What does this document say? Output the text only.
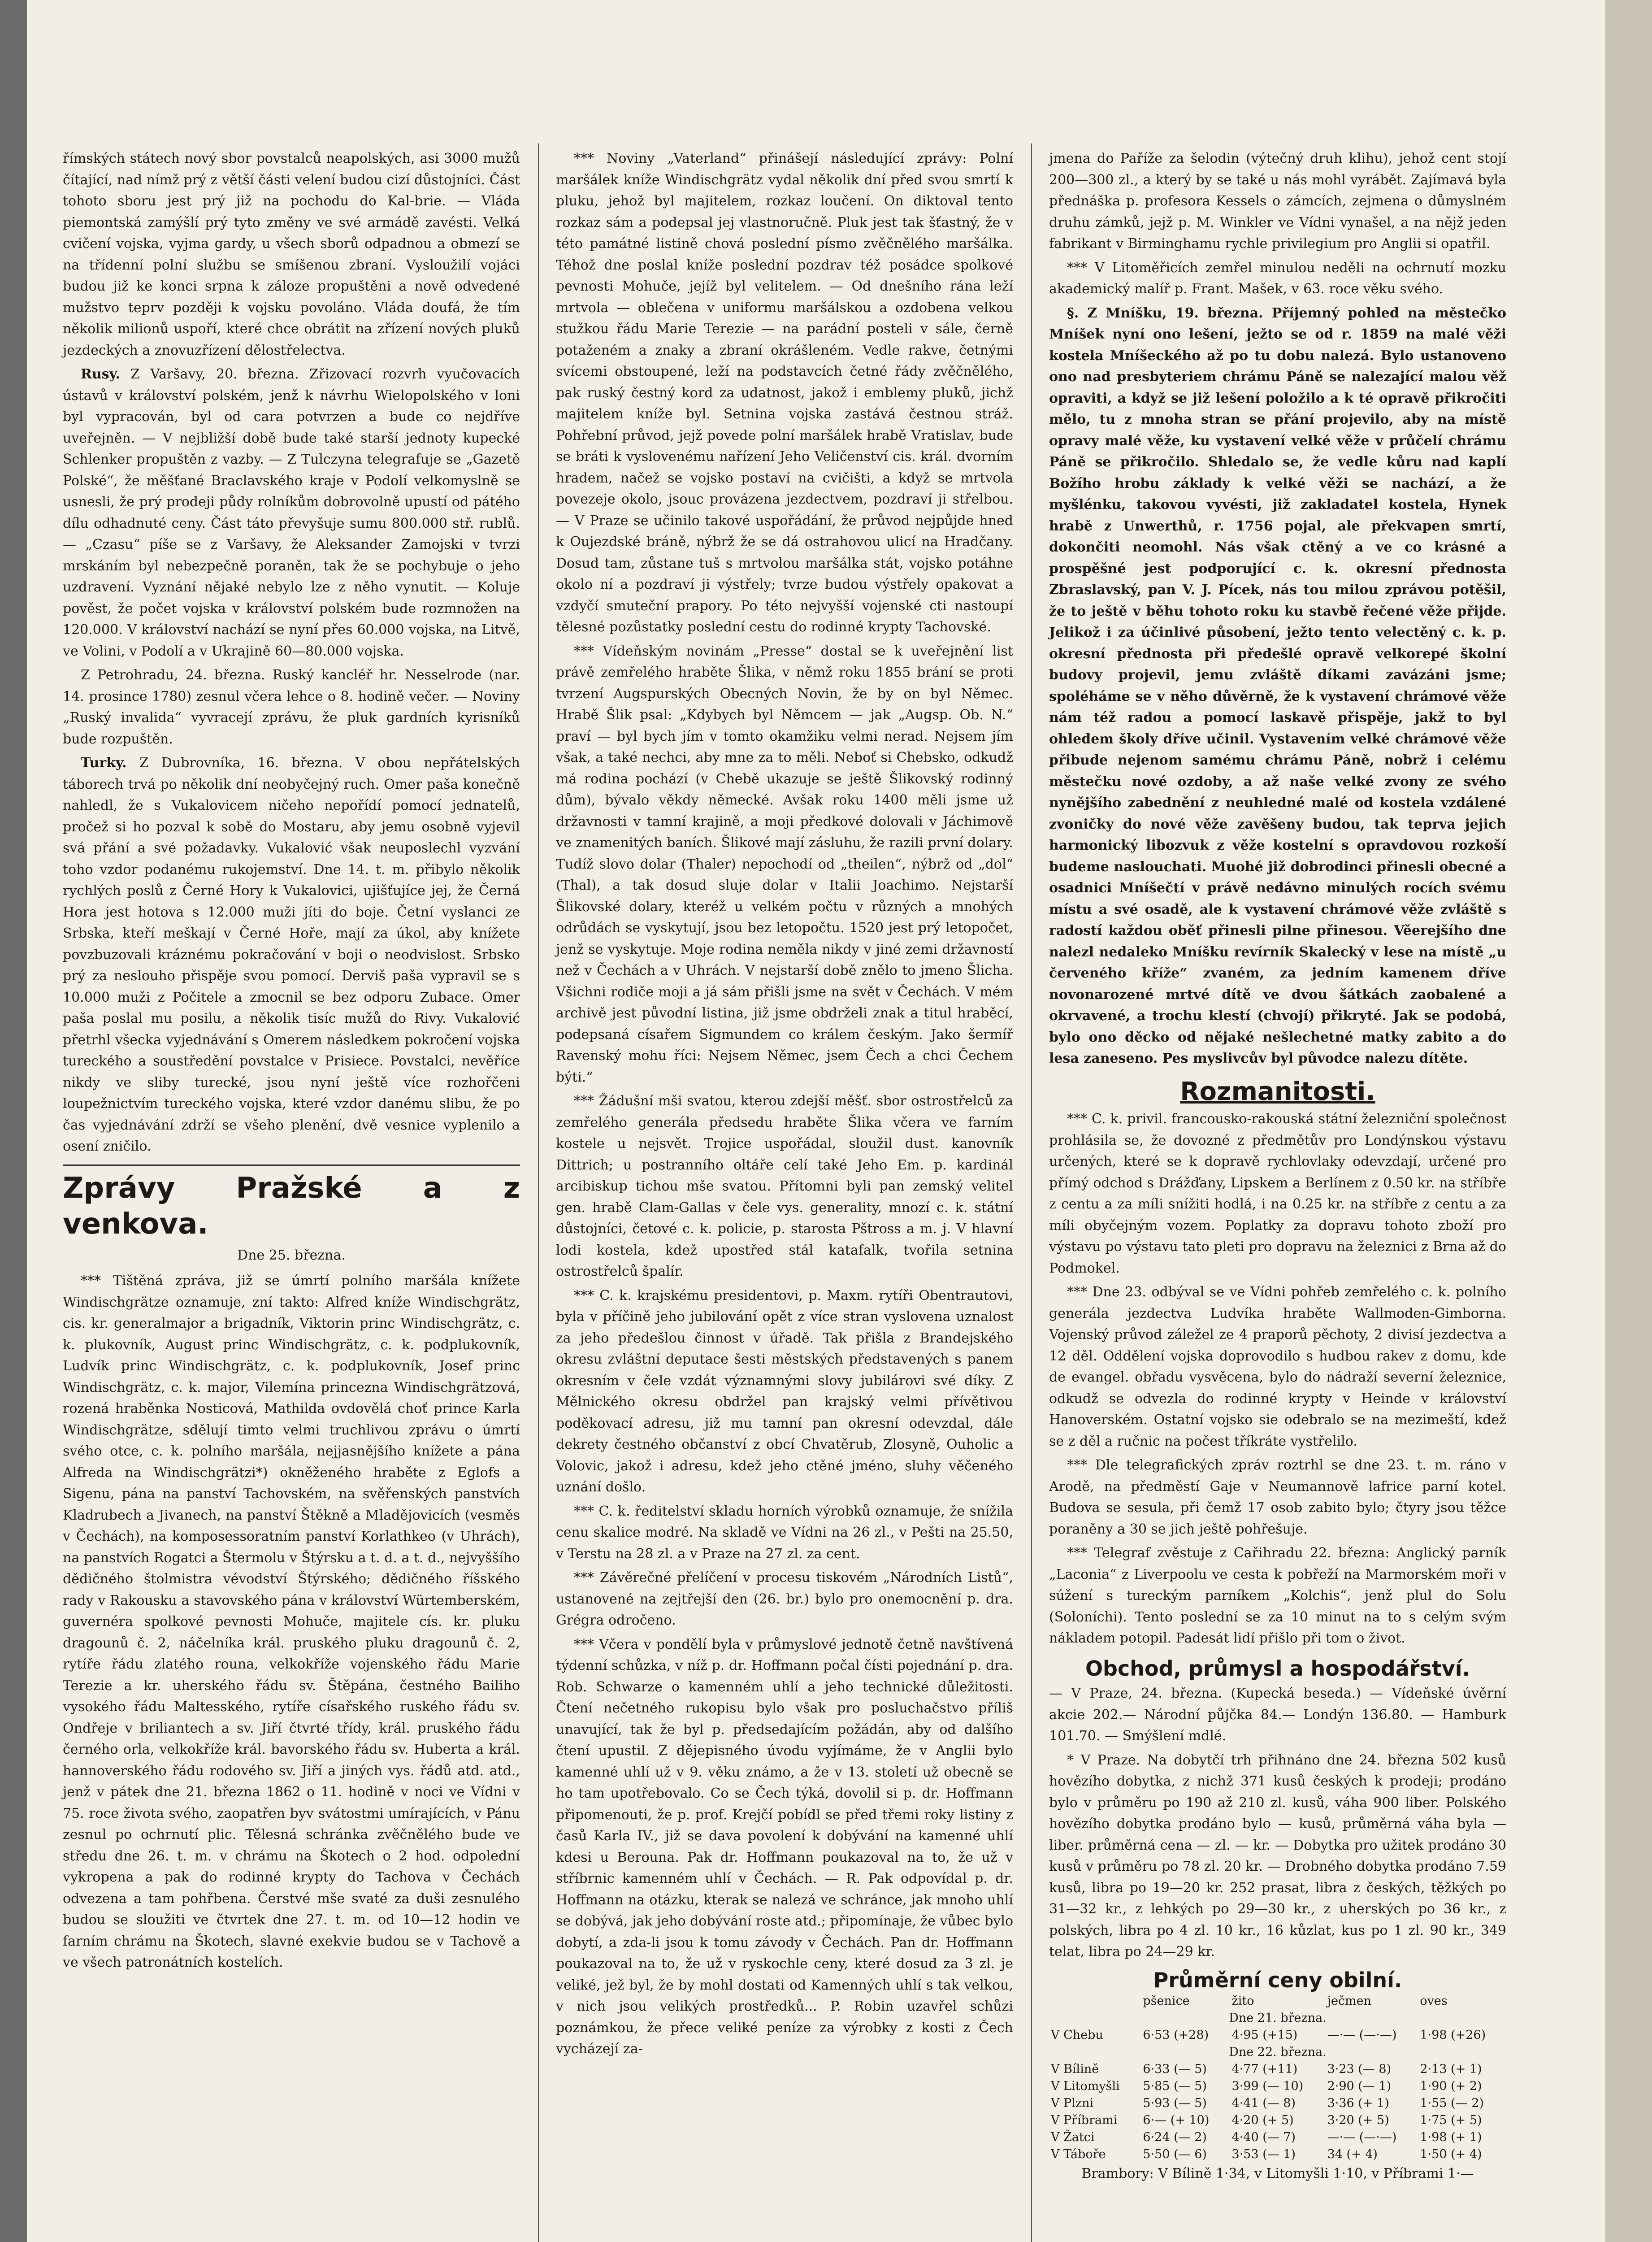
římských státech nový sbor povstalců neapolských, asi 3000 mužů čítající, nad nímž prý z větší části velení budou cizí důstojníci. Část tohoto sboru jest prý již na pochodu do Kal-brie. — Vláda piemontská zamýšlí prý tyto změny ve své armádě zavésti. Velká cvičení vojska, vyjma gardy, u všech sborů odpadnou a obmezí se na třídenní polní službu se smíšenou zbraní. Vysloužilí vojáci budou již ke konci srpna k záloze propuštěni a nově odvedené mužstvo teprv později k vojsku povoláno. Vláda doufá, že tím několik milionů uspoří, které chce obrátit na zřízení nových pluků jezdeckých a znovuzřízení dělostřelectva.

Rusy. Z Varšavy, 20. března. Zřizovací rozvrh vyučovacích ústavů v království polském, jenž k návrhu Wielopolského v loni byl vypracován, byl od cara potvrzen a bude co nejdříve uveřejněn. — V nejbližší době bude také starší jednoty kupecké Schlenker propuštěn z vazby. — Z Tulczyna telegrafuje se „Gazetě Polské“, že měšťané Braclavského kraje v Podolí velkomyslně se usnesli, že prý prodeji půdy rolníkům dobrovolně upustí od pátého dílu odhadnuté ceny. Část táto převyšuje sumu 800.000 stř. rublů. — „Czasu“ píše se z Varšavy, že Aleksander Zamojski v tvrzi mrskáním byl nebezpečně poraněn, tak že se pochybuje o jeho uzdravení. Vyznání nějaké nebylo lze z něho vynutit. — Koluje pověst, že počet vojska v království polském bude rozmnožen na 120.000. V království nachází se nyní přes 60.000 vojska, na Litvě, ve Volini, v Podolí a v Ukrajině 60—80.000 vojska.

Z Petrohradu, 24. března. Ruský kancléř hr. Nesselrode (nar. 14. prosince 1780) zesnul včera lehce o 8. hodině večer. — Noviny „Ruský invalida“ vyvracejí zprávu, že pluk gardních kyrisníků bude rozpuštěn.

Turky. Z Dubrovníka, 16. března. V obou nepřátelských táborech trvá po několik dní neobyčejný ruch. Omer paša konečně nahledl, že s Vukalovicem ničeho nepořídí pomocí jednatelů, pročež si ho pozval k sobě do Mostaru, aby jemu osobně vyjevil svá přání a své požadavky. Vukalović však neuposlechl vyzvání toho vzdor podanému rukojemství. Dne 14. t. m. přibylo několik rychlých poslů z Černé Hory k Vukalovici, ujišťujíce jej, že Černá Hora jest hotova s 12.000 muži jíti do boje. Četní vyslanci ze Srbska, kteří meškají v Černé Hoře, mají za úkol, aby knížete povzbuzovali kráznému pokračování v boji o neodvislost. Srbsko prý za neslouho přispěje svou pomocí. Derviš paša vypravil se s 10.000 muži z Počitele a zmocnil se bez odporu Zubace. Omer paša poslal mu posilu, a několik tisíc mužů do Rivy. Vukalović přetrhl všecka vyjednávání s Omerem následkem pokročení vojska tureckého a soustředění povstalce v Prisiece. Povstalci, nevěříce nikdy ve sliby turecké, jsou nyní ještě více rozhořčeni loupežnictvím tureckého vojska, které vzdor danému slibu, že po čas vyjednávání zdrží se všeho plenění, dvě vesnice vyplenilo a osení zničilo.

Zprávy Pražské a z venkova.

Dne 25. března.

*** Tištěná zpráva, již se úmrtí polního maršála knížete Windischgrätze oznamuje, zní takto: Alfred kníže Windischgrätz, cis. kr. generalmajor a brigadník, Viktorin princ Windischgrätz, c. k. plukovník, August princ Windischgrätz, c. k. podplukovník, Ludvík princ Windischgrätz, c. k. podplukovník, Josef princ Windischgrätz, c. k. major, Vilemína princezna Windischgrätzová, rozená hraběnka Nosticová, Mathilda ovdovělá choť prince Karla Windischgrätze, sdělují timto velmi truchlivou zprávu o úmrtí svého otce, c. k. polního maršála, nejjasnějšího knížete a pána Alfreda na Windischgrätzi*) okněženého hraběte z Eglofs a Sigenu, pána na panství Tachovském, na svěřenských panstvích Kladrubech a Jivanech, na panství Štěkně a Mladějovicích (vesměs v Čechách), na komposessoratním panství Korlathkeo (v Uhrách), na panstvích Rogatci a Štermolu v Štýrsku a t. d. a t. d., nejvyššího dědičného štolmistra vévodství Štýrského; dědičného říšského rady v Rakousku a stavovského pána v království Würtemberském, guvernéra spolkové pevnosti Mohuče, majitele cís. kr. pluku dragounů č. 2, náčelníka král. pruského pluku dragounů č. 2, rytíře řádu zlatého rouna, velkokříže vojenského řádu Marie Terezie a kr. uherského řádu sv. Štěpána, čestného Bailiho vysokého řádu Maltesského, rytíře císařského ruského řádu sv. Ondřeje v briliantech a sv. Jiří čtvrté třídy, král. pruského řádu černého orla, velkokříže král. bavorského řádu sv. Huberta a král. hannoverského řádu rodového sv. Jiří a jiných vys. řádů atd. atd., jenž v pátek dne 21. března 1862 o 11. hodině v noci ve Vídni v 75. roce života svého, zaopatřen byv svátostmi umírajících, v Pánu zesnul po ochrnutí plic. Tělesná schránka zvěčnělého bude ve středu dne 26. t. m. v chrámu na Škotech o 2 hod. odpolední vykropena a pak do rodinné krypty do Tachova v Čechách odvezena a tam pohřbena. Čerstvé mše svaté za duši zesnulého budou se sloužiti ve čtvrtek dne 27. t. m. od 10—12 hodin ve farním chrámu na Škotech, slavné exekvie budou se v Tachově a ve všech patronátních kostelích.

*** Noviny „Vaterland“ přinášejí následující zprávy: Polní maršálek kníže Windischgrätz vydal několik dní před svou smrtí k pluku, jehož byl majitelem, rozkaz loučení. On diktoval tento rozkaz sám a podepsal jej vlastnoručně. Pluk jest tak šťastný, že v této památné listině chová poslední písmo zvěčnělého maršálka. Téhož dne poslal kníže poslední pozdrav též posádce spolkové pevnosti Mohuče, jejíž byl velitelem. — Od dnešního rána leží mrtvola — oblečena v uniformu maršálskou a ozdobena velkou stužkou řádu Marie Terezie — na parádní posteli v sále, černě potaženém a znaky a zbraní okrášleném. Vedle rakve, četnými svícemi obstoupené, leží na podstavcích četné řády zvěčnělého, pak ruský čestný kord za udatnost, jakož i emblemy pluků, jichž majitelem kníže byl. Setnina vojska zastává čestnou stráž. Pohřební průvod, jejž povede polní maršálek hrabě Vratislav, bude se bráti k vyslovenému nařízení Jeho Veličenství cis. král. dvorním hradem, načež se vojsko postaví na cvičišti, a když se mrtvola povezeje okolo, jsouc provázena jezdectvem, pozdraví ji střelbou. — V Praze se učinilo takové uspořádání, že průvod nejpůjde hned k Oujezdské bráně, nýbrž že se dá ostrahovou ulicí na Hradčany. Dosud tam, zůstane tuš s mrtvolou maršálka stát, vojsko potáhne okolo ní a pozdraví ji výstřely; tvrze budou výstřely opakovat a vzdyčí smuteční prapory. Po této nejvyšší vojenské cti nastoupí tělesné pozůstatky poslední cestu do rodinné krypty Tachovské.

*** Vídeňským novinám „Presse“ dostal se k uveřejnění list právě zemřelého hraběte Šlika, v němž roku 1855 brání se proti tvrzení Augspurských Obecných Novin, že by on byl Němec. Hrabě Šlik psal: „Kdybych byl Němcem — jak „Augsp. Ob. N.“ praví — byl bych jím v tomto okamžiku velmi nerad. Nejsem jím však, a také nechci, aby mne za to měli. Neboť si Chebsko, odkudž má rodina pochází (v Chebě ukazuje se ještě Šlikovský rodinný dům), bývalo věkdy německé. Avšak roku 1400 měli jsme už državnosti v tamní krajině, a moji předkové dolovali v Jáchimově ve znamenitých baních. Šlikové mají zásluhu, že razili první dolary. Tudíž slovo dolar (Thaler) nepochodí od „theilen“, nýbrž od „dol“ (Thal), a tak dosud sluje dolar v Italii Joachimo. Nejstarší Šlikovské dolary, kteréž u velkém počtu v různých a mnohých odrůdách se vyskytují, jsou bez letopočtu. 1520 jest prý letopočet, jenž se vyskytuje. Moje rodina neměla nikdy v jiné zemi državností než v Čechách a v Uhrách. V nejstarší době znělo to jmeno Šlicha. Všichni rodiče moji a já sám přišli jsme na svět v Čechách. V mém archivě jest původní listina, již jsme obdrželi znak a titul hraběcí, podepsaná císařem Sigmundem co králem českým. Jako šermíř Ravenský mohu říci: Nejsem Němec, jsem Čech a chci Čechem býti.“

*** Žádušní mši svatou, kterou zdejší měšť. sbor ostrostřelců za zemřelého generála předsedu hraběte Šlika včera ve farním kostele u nejsvět. Trojice uspořádal, sloužil dust. kanovník Dittrich; u postranního oltáře celí také Jeho Em. p. kardinál arcibiskup tichou mše svatou. Přítomni byli pan zemský velitel gen. hrabě Clam-Gallas v čele vys. generality, mnozí c. k. státní důstojníci, četové c. k. policie, p. starosta Pštross a m. j. V hlavní lodi kostela, kdež upostřed stál katafalk, tvořila setnina ostrostřelců špalír.

*** C. k. krajskému presidentovi, p. Maxm. rytíři Obentrautovi, byla v příčině jeho jubilování opět z více stran vyslovena uznalost za jeho předešlou činnost v úřadě. Tak přišla z Brandejského okresu zvláštní deputace šesti městských představených s panem okresním v čele vzdát významnými slovy jubilárovi své díky. Z Mělnického okresu obdržel pan krajský velmi přívětivou poděkovací adresu, již mu tamní pan okresní odevzdal, dále dekrety čestného občanství z obcí Chvatěrub, Zlosyně, Ouholic a Volovic, jakož i adresu, kdež jeho ctěné jméno, sluhy věčeného uznání došlo.

*** C. k. ředitelství skladu horních výrobků oznamuje, že snížila cenu skalice modré. Na skladě ve Vídni na 26 zl., v Pešti na 25.50, v Terstu na 28 zl. a v Praze na 27 zl. za cent.

*** Závěrečné přelíčení v procesu tiskovém „Národních Listů“, ustanovené na zejtřejší den (26. br.) bylo pro onemocnění p. dra. Grégra odročeno.

*** Včera v pondělí byla v průmyslové jednotě četně navštívená týdenní schůzka, v níž p. dr. Hoffmann počal čísti pojednání p. dra. Rob. Schwarze o kamenném uhlí a jeho technické důležitosti. Čtení nečetného rukopisu bylo však pro posluchačstvo příliš unavující, tak že byl p. předsedajícím požádán, aby od dalšího čtení upustil. Z dějepisného úvodu vyjímáme, že v Anglii bylo kamenné uhlí už v 9. věku známo, a že v 13. století už obecně se ho tam upotřebovalo. Co se Čech týká, dovolil si p. dr. Hoffmann připomenouti, že p. prof. Krejčí pobídl se před třemi roky listiny z časů Karla IV., již se dava povolení k dobývání na kamenné uhlí kdesi u Berounа. Pak dr. Hoffmann poukazoval na to, že už v stříbrnic kamenném uhlí v Čechách. — R. Pak odpovídal p. dr. Hoffmann na otázku, kterak se nalezá ve schránce, jak mnoho uhlí se dobývá, jak jeho dobývání roste atd.; připomínaje, že vůbec bylo dobytí, a zda-li jsou k tomu závody v Čechách. Pan dr. Hoffmann poukazoval na to, že už v ryskochle ceny, které dosud za 3 zl. je veliké, jež byl, že by mohl dostati od Kamenných uhlí s tak velkou, v nich jsou velikých prostředků... P. Robin uzavřel schůzi poznámkou, že přece veliké peníze za výrobky z kosti z Čech vycházejí za-

jmena do Paříže za šelodin (výtečný druh klihu), jehož cent stojí 200—300 zl., a který by se také u nás mohl vyrábět. Zajímavá byla přednáška p. profesora Kessels o zámcích, zejmena o důmyslném druhu zámků, jejž p. M. Winkler ve Vídni vynašel, a na nějž jeden fabrikant v Birminghamu rychle privilegium pro Anglii si opatřil.

*** V Litoměřicích zemřel minulou neděli na ochrnutí mozku akademický malíř p. Frant. Mašek, v 63. roce věku svého.

§. Z Mníšku, 19. března. Příjemný pohled na městečko Mníšek nyní ono lešení, ježto se od r. 1859 na malé věži kostela Mníšeckého až po tu dobu nalezá. Bylo ustanoveno ono nad presbyteriem chrámu Páně se nalezající malou věž opraviti, a když se již lešení položilo a k té opravě přikročiti mělo, tu z mnoha stran se přání projevilo, aby na místě opravy malé věže, ku vystavení velké věže v průčelí chrámu Páně se přikročilo. Shledalo se, že vedle kůru nad kaplí Božího hrobu základy k velké věži se nachází, a že myšlénku, takovou vyvésti, již zakladatel kostela, Hynek hrabě z Unwerthů, r. 1756 pojal, ale překvapen smrtí, dokončiti neomohl. Nás však ctěný a ve co krásné a prospěšné jest podporující c. k. okresní přednosta Zbraslavský, pan V. J. Pícek, nás tou milou zprávou potěšil, že to ještě v běhu tohoto roku ku stavbě řečené věže přijde. Jelikož i za účinlivé působení, ježto tento velectěný c. k. p. okresní přednosta při předešlé opravě velkorepé školní budovy projevil, jemu zvláště díkami zavázáni jsme; spoléháme se v něho důvěrně, že k vystavení chrámové věže nám též radou a pomocí laskavě přispěje, jakž to byl ohledem školy dříve učinil. Vystavením velké chrámové věže přibude nejenom samému chrámu Páně, nobrž i celému městečku nové ozdoby, a až naše velké zvony ze svého nynějšího zabednění z neuhledné malé od kostela vzdálené zvoničky do nové věže zavěšeny budou, tak teprva jejich harmonický libozvuk z věže kostelní s opravdovou rozkoší budeme naslouchati. Muohé již dobrodinci přinesli obecné a osadnici Mníšečtí v právě nedávno minulých rocích svému místu a své osadě, ale k vystavení chrámové věže zvláště s radostí každou oběť přinesli pilne přinesou. Věerejšího dne nalezl nedaleko Mníšku revírník Skalecký v lese na místě „u červeného kříže“ zvaném, za jedním kamenem dříve novonarozené mrtvé dítě ve dvou šátkách zaobalené a okrvavené, a trochu klestí (chvojí) přikryté. Jak se podobá, bylo ono děcko od nějaké nešlechetné matky zabito a do lesa zaneseno. Pes myslivcův byl původce nalezu dítěte.

Rozmanitosti.

*** C. k. privil. francousko-rakouská státní železniční společnost prohlásila se, že dovozné z předmětův pro Londýnskou výstavu určených, které se k dopravě rychlovlaky odevzdají, určené pro přímý odchod s Drážďany, Lipskem a Berlínem z 0.50 kr. na stříbře z centu a za míli snížiti hodlá, i na 0.25 kr. na stříbře z centu a za míli obyčejným vozem. Poplatky za dopravu tohoto zboží pro výstavu po výstavu tato pleti pro dopravu na železnici z Brna až do Podmokel.

*** Dne 23. odbýval se ve Vídni pohřeb zemřelého c. k. polního generála jezdectva Ludvíka hraběte Wallmoden-Gimborna. Vojenský průvod záležel ze 4 praporů pěchoty, 2 divisí jezdectva a 12 děl. Oddělení vojska doprovodilo s hudbou rakev z domu, kde de evangel. obřadu vysvěcena, bylo do nádraží severní železnice, odkudž se odvezla do rodinné krypty v Heinde v království Hanoverském. Ostatní vojsko sie odebralo se na mezimeští, kdež se z děl a ručnic na počest tříkráte vystřelilo.

*** Dle telegrafických zpráv roztrhl se dne 23. t. m. ráno v Arodě, na předměstí Gaje v Neumannově lafrice parní kotel. Budova se sesula, při čemž 17 osob zabito bylo; čtyry jsou těžce poraněny a 30 se jich ještě pohřešuje.

*** Telegraf zvěstuje z Cařihradu 22. března: Anglický parník „Laconia“ z Liverpoolu ve cesta k pobřeží na Marmorském moři v súžení s tureckým parníkem „Kolchis“, jenž plul do Solu (Soloníchi). Tento poslední se za 10 minut na to s celým svým nákladem potopil. Padesát lidí přišlo při tom o život.

Obchod, průmysl a hospodářství.

— V Praze, 24. března. (Kupecká beseda.) — Vídeňské úvěrní akcie 202.— Národní půjčka 84.— Londýn 136.80. — Hamburk 101.70. — Smýšlení mdlé.

* V Praze. Na dobytčí trh přihnáno dne 24. března 502 kusů hovězího dobytka, z nichž 371 kusů českých k prodeji; prodáno bylo v průměru po 190 až 210 zl. kusů, váha 900 liber. Polského hovězího dobytka prodáno bylo — kusů, průměrná váha byla — liber. průměrná cena — zl. — kr. — Dobytka pro užitek prodáno 30 kusů v průměru po 78 zl. 20 kr. — Drobného dobytka prodáno 7.59 kusů, libra po 19—20 kr. 252 prasat, libra z českých, těžkých po 31—32 kr., z lehkých po 29—30 kr., z uherských po 36 kr., z polských, libra po 4 zl. 10 kr., 16 kůzlat, kus po 1 zl. 90 kr., 349 telat, libra po 24—29 kr.

Průměrní ceny obilní.
	pšenice	žito	ječmen	oves
Dne 21. března.				
V Chebu	6·53 (+28)	4·95 (+15)	—·— (—·—)	1·98 (+26)
Dne 22. března.				
V Bílině	6·33 (— 5)	4·77 (+11)	3·23 (— 8)	2·13 (+ 1)
V Litomyšli	5·85 (— 5)	3·99 (— 10)	2·90 (— 1)	1·90 (+ 2)
V Plzni	5·93 (— 5)	4·41 (— 8)	3·36 (+ 1)	1·55 (— 2)
V Příbrami	6·— (+ 10)	4·20 (+ 5)	3·20 (+ 5)	1·75 (+ 5)
V Žatci	6·24 (— 2)	4·40 (— 7)	—·— (—·—)	1·98 (+ 1)
V Táboře	5·50 (— 6)	3·53 (— 1)	34 (+ 4)	1·50 (+ 4)

Brambory: V Bílině 1·34, v Litomyšli 1·10, v Příbrami 1·—
